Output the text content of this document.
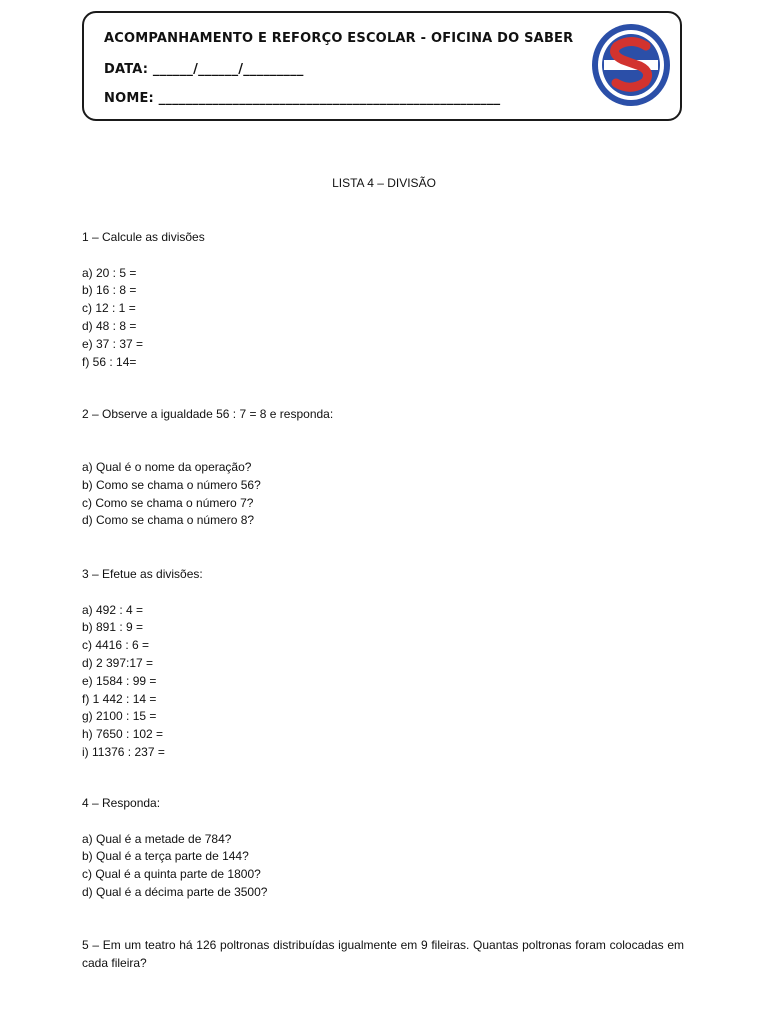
ACOMPANHAMENTO E REFORÇO ESCOLAR - OFICINA DO SABER
DATA: ______/______/_________
NOME: ___________________________________________________
LISTA 4 – DIVISÃO

1 – Calcule as divisões

a) 20 : 5 =

b) 16 : 8 =

c) 12 : 1 =

d) 48 : 8 =

e) 37 : 37 =

f) 56 : 14=

2 – Observe a igualdade 56 : 7 = 8 e responda:

a) Qual é o nome da operação?

b) Como se chama o número 56?

c) Como se chama o número 7?

d) Como se chama o número 8?

3 – Efetue as divisões:

a) 492 : 4 =

b) 891 : 9 =

c) 4416 : 6 =

d) 2 397:17 =

e) 1584 : 99 =

f) 1 442 : 14 =

g) 2100 : 15 =

h) 7650 : 102 =

i) 11376 : 237 =

4 – Responda:

a) Qual é a metade de 784?

b) Qual é a terça parte de 144?

c) Qual é a quinta parte de 1800?

d) Qual é a décima parte de 3500?

5 – Em um teatro há 126 poltronas distribuídas igualmente em 9 fileiras. Quantas poltronas foram colocadas em cada fileira?
